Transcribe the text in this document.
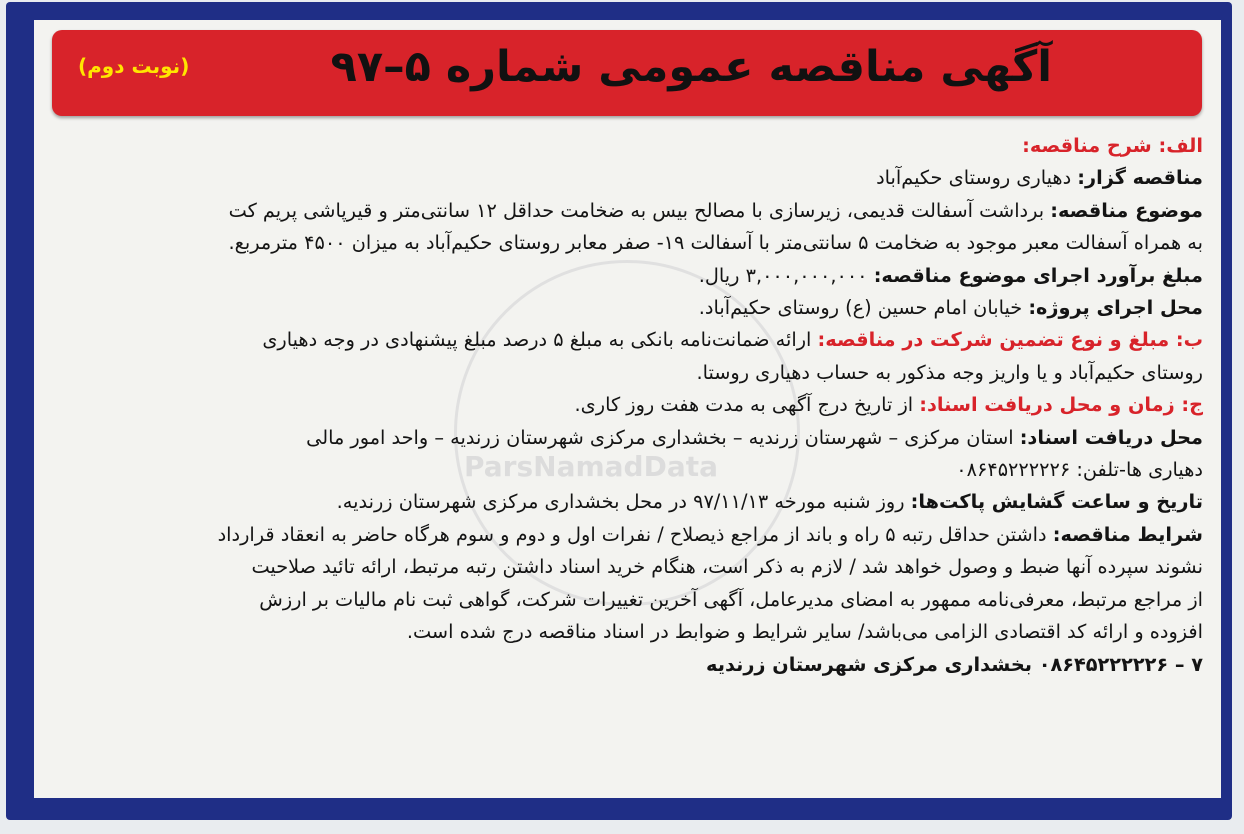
ParsNamadData
آگهی مناقصه عمومی شماره ۵–۹۷
(نوبت دوم)
الف: شرح مناقصه:
مناقصه گزار: دهیاری روستای حکیم‌آباد
موضوع مناقصه: برداشت آسفالت قدیمی، زیرسازی با مصالح بیس به ضخامت حداقل ۱۲ سانتی‌متر و قیرپاشی پریم کت
به همراه آسفالت معبر موجود به ضخامت ۵ سانتی‌متر با آسفالت ۱۹- صفر معابر روستای حکیم‌آباد به میزان ۴۵۰۰ مترمربع.
مبلغ برآورد اجرای موضوع مناقصه: ۳,۰۰۰,۰۰۰,۰۰۰ ریال.
محل اجرای پروژه: خیابان امام حسین (ع) روستای حکیم‌آباد.
ب: مبلغ و نوع تضمین شرکت در مناقصه: ارائه ضمانت‌نامه بانکی به مبلغ ۵ درصد مبلغ پیشنهادی در وجه دهیاری
روستای حکیم‌آباد و یا واریز وجه مذکور به حساب دهیاری روستا.
ج: زمان و محل دریافت اسناد: از تاریخ درج آگهی به مدت هفت روز کاری.
محل دریافت اسناد: استان مرکزی – شهرستان زرندیه – بخشداری مرکزی شهرستان زرندیه – واحد امور مالی
دهیاری ها-تلفن: ۰۸۶۴۵۲۲۲۲۲۶
تاریخ و ساعت گشایش پاکت‌ها: روز شنبه مورخه ۹۷/۱۱/۱۳ در محل بخشداری مرکزی شهرستان زرندیه.
شرایط مناقصه: داشتن حداقل رتبه ۵ راه و باند از مراجع ذیصلاح / نفرات اول و دوم و سوم هرگاه حاضر به انعقاد قرارداد
نشوند سپرده آنها ضبط و وصول خواهد شد / لازم به ذکر است، هنگام خرید اسناد داشتن رتبه مرتبط، ارائه تائید صلاحیت
از مراجع مرتبط، معرفی‌نامه ممهور به امضای مدیرعامل، آگهی آخرین تغییرات شرکت، گواهی ثبت نام مالیات بر ارزش
افزوده و ارائه کد اقتصادی الزامی می‌باشد/ سایر شرایط و ضوابط در اسناد مناقصه درج شده است.
۷ – ۰۸۶۴۵۲۲۲۲۲۶ بخشداری مرکزی شهرستان زرندیه
